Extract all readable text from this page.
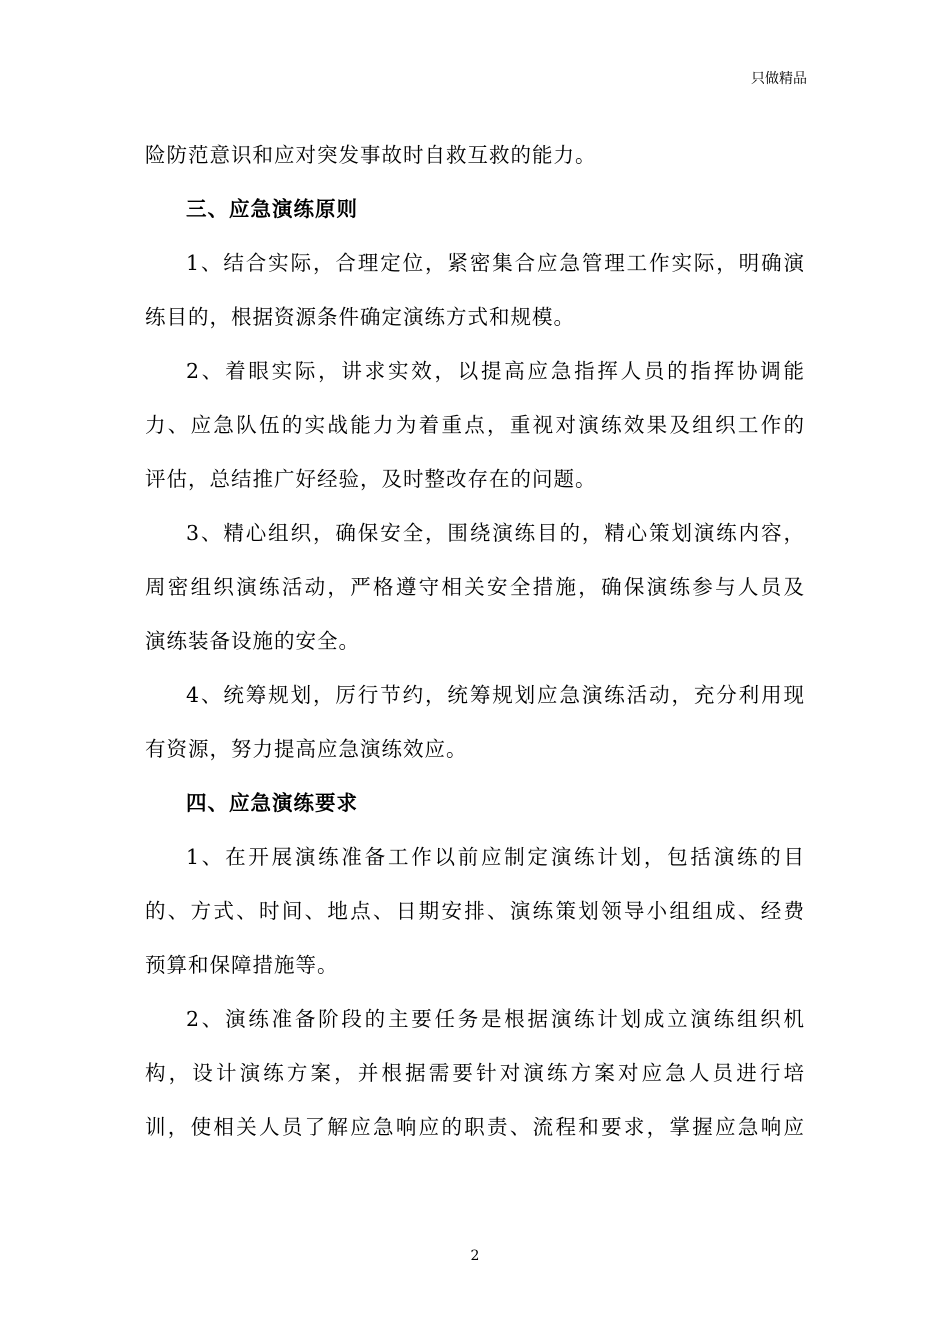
只做精品
险防范意识和应对突发事故时自救互救的能力。
三、应急演练原则
1、结合实际，合理定位，紧密集合应急管理工作实际，明确演
练目的，根据资源条件确定演练方式和规模。
2、着眼实际，讲求实效，以提高应急指挥人员的指挥协调能
力、应急队伍的实战能力为着重点，重视对演练效果及组织工作的
评估，总结推广好经验，及时整改存在的问题。
3、精心组织，确保安全，围绕演练目的，精心策划演练内容，
周密组织演练活动，严格遵守相关安全措施，确保演练参与人员及
演练装备设施的安全。
4、统筹规划，厉行节约，统筹规划应急演练活动，充分利用现
有资源，努力提高应急演练效应。
四、应急演练要求
1、在开展演练准备工作以前应制定演练计划，包括演练的目
的、方式、时间、地点、日期安排、演练策划领导小组组成、经费
预算和保障措施等。
2、演练准备阶段的主要任务是根据演练计划成立演练组织机
构，设计演练方案，并根据需要针对演练方案对应急人员进行培
训，使相关人员了解应急响应的职责、流程和要求，掌握应急响应
2
